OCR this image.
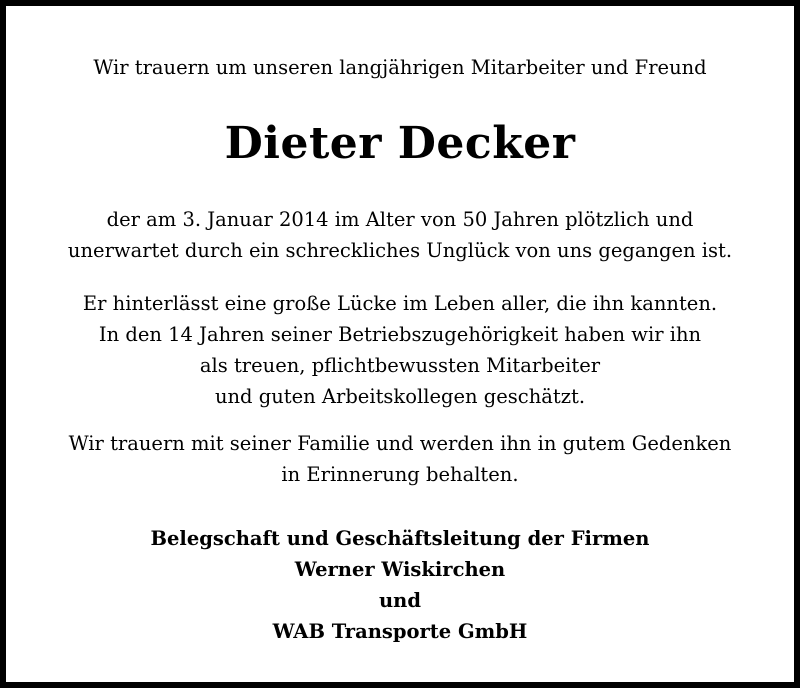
Wir trauern um unseren langjährigen Mitarbeiter und Freund

Dieter Decker

der am 3. Januar 2014 im Alter von 50 Jahren plötzlich und
unerwartet durch ein schreckliches Unglück von uns gegangen ist.

Er hinterlässt eine große Lücke im Leben aller, die ihn kannten.
In den 14 Jahren seiner Betriebszugehörigkeit haben wir ihn
als treuen, pflichtbewussten Mitarbeiter
und guten Arbeitskollegen geschätzt.

Wir trauern mit seiner Familie und werden ihn in gutem Gedenken
in Erinnerung behalten.

Belegschaft und Geschäftsleitung der Firmen
Werner Wiskirchen
und
WAB Transporte GmbH
